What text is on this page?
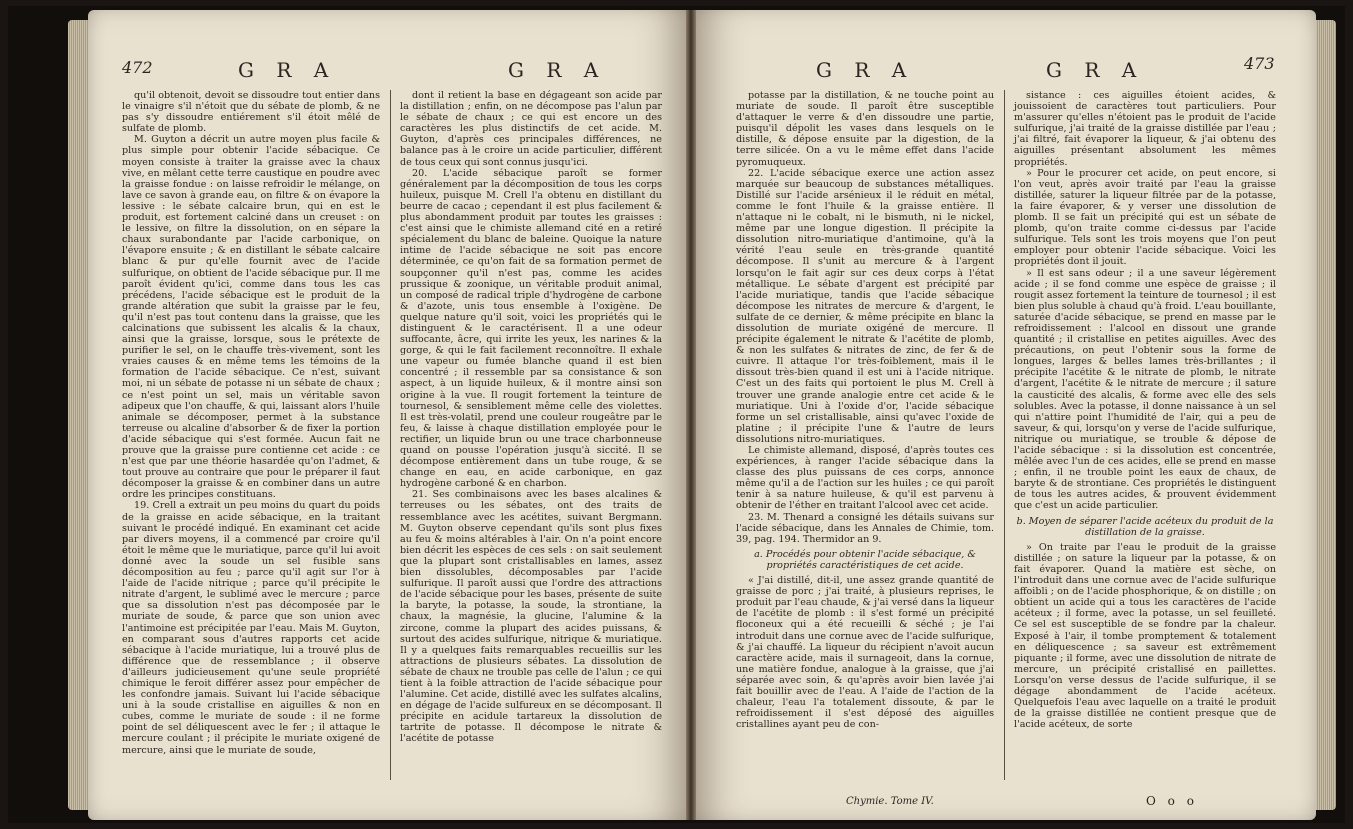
472	G R A	G R A

qu'il obtenoit, devoit se dissoudre tout entier dans le vinaigre s'il n'étoit que du sébate de plomb, & ne pas s'y dissoudre entiérement s'il étoit mêlé de sulfate de plomb.

M. Guyton a décrit un autre moyen plus facile & plus simple pour obtenir l'acide sébacique. Ce moyen consiste à traiter la graisse avec la chaux vive, en mêlant cette terre caustique en poudre avec la graisse fondue : on laisse refroidir le mélange, on lave ce savon à grande eau, on filtre & on évapore la lessive : le sébate calcaire brun, qui en est le produit, est fortement calciné dans un creuset : on le lessive, on filtre la dissolution, on en sépare la chaux surabondante par l'acide carbonique, on l'évapore ensuite ; & en distillant le sébate calcaire blanc & pur qu'elle fournit avec de l'acide sulfurique, on obtient de l'acide sébacique pur. Il me paroît évident qu'ici, comme dans tous les cas précédens, l'acide sébacique est le produit de la grande altération que subit la graisse par le feu, qu'il n'est pas tout contenu dans la graisse, que les calcinations que subissent les alcalis & la chaux, ainsi que la graisse, lorsque, sous le prétexte de purifier le sel, on le chauffe très-vivement, sont les vraies causes & en même tems les témoins de la formation de l'acide sébacique. Ce n'est, suivant moi, ni un sébate de potasse ni un sébate de chaux ; ce n'est point un sel, mais un véritable savon adipeux que l'on chauffe, & qui, laissant alors l'huile animale se décomposer, permet à la substance terreuse ou alcaline d'absorber & de fixer la portion d'acide sébacique qui s'est formée. Aucun fait ne prouve que la graisse pure contienne cet acide : ce n'est que par une théorie hasardée qu'on l'admet, & tout prouve au contraire que pour le préparer il faut décomposer la graisse & en combiner dans un autre ordre les principes constituans.

19. Crell a extrait un peu moins du quart du poids de la graisse en acide sébacique, en la traitant suivant le procédé indiqué. En examinant cet acide par divers moyens, il a commencé par croire qu'il étoit le même que le muriatique, parce qu'il lui avoit donné avec la soude un sel fusible sans décomposition au feu ; parce qu'il agit sur l'or à l'aide de l'acide nitrique ; parce qu'il précipite le nitrate d'argent, le sublimé avec le mercure ; parce que sa dissolution n'est pas décomposée par le muriate de soude, & parce que son union avec l'antimoine est précipitée par l'eau. Mais M. Guyton, en comparant sous d'autres rapports cet acide sébacique à l'acide muriatique, lui a trouvé plus de différence que de ressemblance ; il observe d'ailleurs judicieusement qu'une seule propriété chimique le feroit différer assez pour empêcher de les confondre jamais. Suivant lui l'acide sébacique uni à la soude cristallise en aiguilles & non en cubes, comme le muriate de soude : il ne forme point de sel déliquescent avec le fer ; il attaque le mercure coulant ; il précipite le muriate oxigené de mercure, ainsi que le muriate de soude,

dont il retient la base en dégageant son acide par la distillation ; enfin, on ne décompose pas l'alun par le sébate de chaux ; ce qui est encore un des caractères les plus distinctifs de cet acide. M. Guyton, d'après ces principales différences, ne balance pas à le croire un acide particulier, différent de tous ceux qui sont connus jusqu'ici.

20. L'acide sébacique paroît se former généralement par la décomposition de tous les corps huileux, puisque M. Crell l'a obtenu en distillant du beurre de cacao ; cependant il est plus facilement & plus abondamment produit par toutes les graisses : c'est ainsi que le chimiste allemand cité en a retiré spécialement du blanc de baleine. Quoique la nature intime de l'acide sébacique ne soit pas encore déterminée, ce qu'on fait de sa formation permet de soupçonner qu'il n'est pas, comme les acides prussique & zoonique, un véritable produit animal, un composé de radical triple d'hydrogène de carbone & d'azote, unis tous ensemble à l'oxigène. De quelque nature qu'il soit, voici les propriétés qui le distinguent & le caractérisent. Il a une odeur suffocante, âcre, qui irrite les yeux, les narines & la gorge, & qui le fait facilement reconnoître. Il exhale une vapeur ou fumée blanche quand il est bien concentré ; il ressemble par sa consistance & son aspect, à un liquide huileux, & il montre ainsi son origine à la vue. Il rougit fortement la teinture de tournesol, & sensiblement même celle des violettes. Il est très-volatil, prend une couleur rougeâtre par le feu, & laisse à chaque distillation employée pour le rectifier, un liquide brun ou une trace charbonneuse quand on pousse l'opération jusqu'à siccité. Il se décompose entièrement dans un tube rouge, & se change en eau, en acide carbonique, en gaz hydrogène carboné & en charbon.

21. Ses combinaisons avec les bases alcalines & terreuses ou les sébates, ont des traits de ressemblance avec les acétites, suivant Bergmann. M. Guyton observe cependant qu'ils sont plus fixes au feu & moins altérables à l'air. On n'a point encore bien décrit les espèces de ces sels : on sait seulement que la plupart sont cristallisables en lames, assez bien dissolubles, décomposables par l'acide sulfurique. Il paroît aussi que l'ordre des attractions de l'acide sébacique pour les bases, présente de suite la baryte, la potasse, la soude, la strontiane, la chaux, la magnésie, la glucine, l'alumine & la zircone, comme la plupart des acides puissans, & surtout des acides sulfurique, nitrique & muriatique. Il y a quelques faits remarquables recueillis sur les attractions de plusieurs sébates. La dissolution de sébate de chaux ne trouble pas celle de l'alun ; ce qui tient à la foible attraction de l'acide sébacique pour l'alumine. Cet acide, distillé avec les sulfates alcalins, en dégage de l'acide sulfureux en se décomposant. Il précipite en acidule tartareux la dissolution de tartrite de potasse. Il décompose le nitrate & l'acétite de potasse

473
G R A	G R A

potasse par la distillation, & ne touche point au muriate de soude. Il paroît être susceptible d'attaquer le verre & d'en dissoudre une partie, puisqu'il dépolit les vases dans lesquels on le distille, & dépose ensuite par la digestion, de la terre silicée. On a vu le même effet dans l'acide pyromuqueux.

22. L'acide sébacique exerce une action assez marquée sur beaucoup de substances métalliques. Distillé sur l'acide arsénieux il le réduit en métal, comme le font l'huile & la graisse entière. Il n'attaque ni le cobalt, ni le bismuth, ni le nickel, même par une longue digestion. Il précipite la dissolution nitro-muriatique d'antimoine, qu'à la vérité l'eau seule en très-grande quantité décompose. Il s'unit au mercure & à l'argent lorsqu'on le fait agir sur ces deux corps à l'état métallique. Le sébate d'argent est précipité par l'acide muriatique, tandis que l'acide sébacique décompose les nitrates de mercure & d'argent, le sulfate de ce dernier, & même précipite en blanc la dissolution de muriate oxigéné de mercure. Il précipite également le nitrate & l'acétite de plomb, & non les sulfates & nitrates de zinc, de fer & de cuivre. Il attaque l'or très-foiblement, mais il le dissout très-bien quand il est uni à l'acide nitrique. C'est un des faits qui portoient le plus M. Crell à trouver une grande analogie entre cet acide & le muriatique. Uni à l'oxide d'or, l'acide sébacique forme un sel cristallisable, ainsi qu'avec l'oxide de platine ; il précipite l'une & l'autre de leurs dissolutions nitro-muriatiques.

Le chimiste allemand, disposé, d'après toutes ces expériences, à ranger l'acide sébacique dans la classe des plus puissans de ces corps, annonce même qu'il a de l'action sur les huiles ; ce qui paroît tenir à sa nature huileuse, & qu'il est parvenu à obtenir de l'éther en traitant l'alcool avec cet acide.

23. M. Thenard a consigné les détails suivans sur l'acide sébacique, dans les Annales de Chimie, tom. 39, pag. 194. Thermidor an 9.

a. Procédés pour obtenir l'acide sébacique, & propriétés caractéristiques de cet acide.

« J'ai distillé, dit-il, une assez grande quantité de graisse de porc ; j'ai traité, à plusieurs reprises, le produit par l'eau chaude, & j'ai versé dans la liqueur de l'acétite de plomb : il s'est formé un précipité floconeux qui a été recueilli & séché ; je l'ai introduit dans une cornue avec de l'acide sulfurique, & j'ai chauffé. La liqueur du récipient n'avoit aucun caractère acide, mais il surnageoit, dans la cornue, une matière fondue, analogue à la graisse, que j'ai séparée avec soin, & qu'après avoir bien lavée j'ai fait bouillir avec de l'eau. A l'aide de l'action de la chaleur, l'eau l'a totalement dissoute, & par le refroidissement il s'est déposé des aiguilles cristallines ayant peu de con-

sistance : ces aiguilles étoient acides, & jouissoient de caractères tout particuliers. Pour m'assurer qu'elles n'étoient pas le produit de l'acide sulfurique, j'ai traité de la graisse distillée par l'eau ; j'ai filtré, fait évaporer la liqueur, & j'ai obtenu des aiguilles présentant absolument les mêmes propriétés.

» Pour le procurer cet acide, on peut encore, si l'on veut, après avoir traité par l'eau la graisse distillée, saturer la liqueur filtrée par de la potasse, la faire évaporer, & y verser une dissolution de plomb. Il se fait un précipité qui est un sébate de plomb, qu'on traite comme ci-dessus par l'acide sulfurique. Tels sont les trois moyens que l'on peut employer pour obtenir l'acide sébacique. Voici les propriétés dont il jouit.

» Il est sans odeur ; il a une saveur légèrement acide ; il se fond comme une espèce de graisse ; il rougit assez fortement la teinture de tournesol ; il est bien plus soluble à chaud qu'à froid. L'eau bouillante, saturée d'acide sébacique, se prend en masse par le refroidissement : l'alcool en dissout une grande quantité ; il cristallise en petites aiguilles. Avec des précautions, on peut l'obtenir sous la forme de longues, larges & belles lames très-brillantes ; il précipite l'acétite & le nitrate de plomb, le nitrate d'argent, l'acétite & le nitrate de mercure ; il sature la causticité des alcalis, & forme avec elle des sels solubles. Avec la potasse, il donne naissance à un sel qui n'attire point l'humidité de l'air, qui a peu de saveur, & qui, lorsqu'on y verse de l'acide sulfurique, nitrique ou muriatique, se trouble & dépose de l'acide sébacique : si la dissolution est concentrée, mêlée avec l'un de ces acides, elle se prend en masse ; enfin, il ne trouble point les eaux de chaux, de baryte & de strontiane. Ces propriétés le distinguent de tous les autres acides, & prouvent évidemment que c'est un acide particulier.

b. Moyen de séparer l'acide acéteux du produit de la distillation de la graisse.

» On traite par l'eau le produit de la graisse distillée ; on sature la liqueur par la potasse, & on fait évaporer. Quand la matière est sèche, on l'introduit dans une cornue avec de l'acide sulfurique affoibli ; on de l'acide phosphorique, & on distille ; on obtient un acide qui a tous les caractères de l'acide acéteux ; il forme, avec la potasse, un sel feuilleté. Ce sel est susceptible de se fondre par la chaleur. Exposé à l'air, il tombe promptement & totalement en déliquescence ; sa saveur est extrêmement piquante ; il forme, avec une dissolution de nitrate de mercure, un précipité cristallisé en paillettes. Lorsqu'on verse dessus de l'acide sulfurique, il se dégage abondamment de l'acide acéteux. Quelquefois l'eau avec laquelle on a traité le produit de la graisse distillée ne contient presque que de l'acide acéteux, de sorte

Chymie. Tome IV.	O o o
